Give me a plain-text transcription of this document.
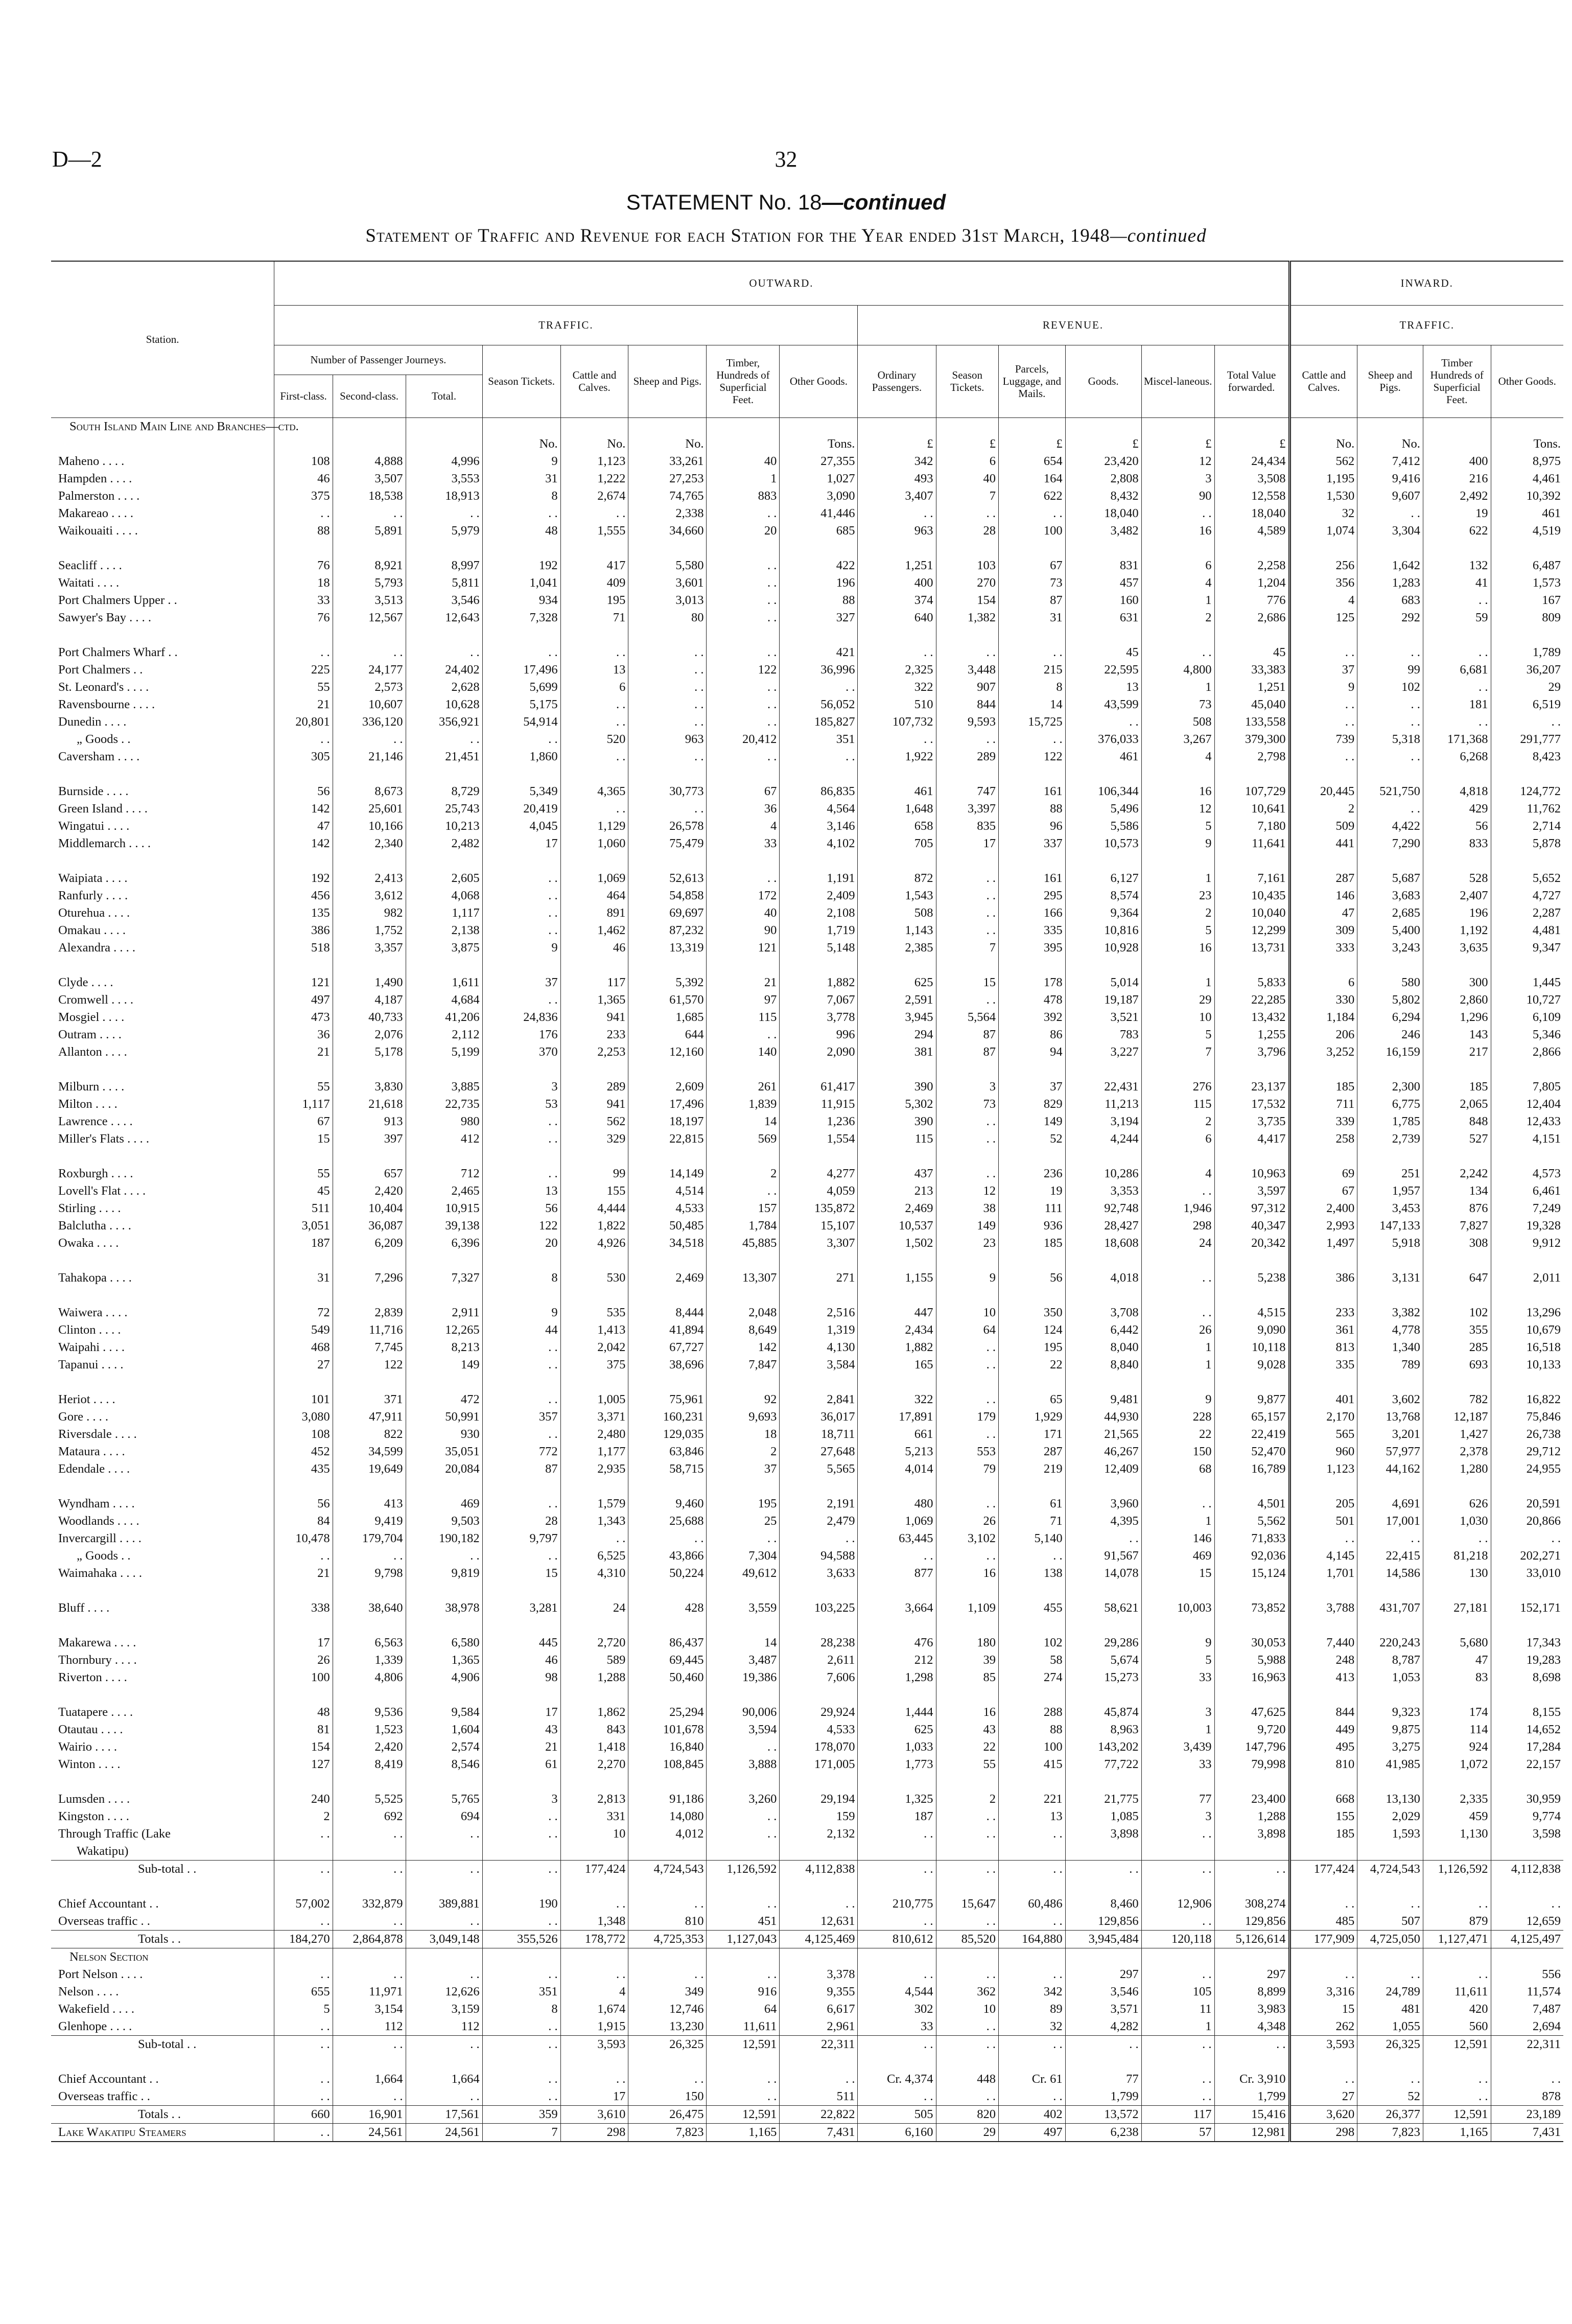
D—2	32
STATEMENT No. 18—continued
Statement of Traffic and Revenue for each Station for the Year ended 31st March, 1948—continued
Station.	OUTWARD.														INWARD.			
	TRAFFIC.								REVENUE.						TRAFFIC.			
	Number of Passenger Journeys.			Season Tickets.	Cattle and Calves.	Sheep and Pigs.	Timber, Hundreds of Superficial Feet.	Other Goods.	Ordinary Passengers.	Season Tickets.	Parcels, Luggage, and Mails.	Goods.	Miscel-laneous.	Total Value forwarded.	Cattle and Calves.	Sheep and Pigs.	Timber Hundreds of Superficial Feet.	Other Goods.
	First-class.	Second-class.	Total.															
South Island Main Line and Branches—ctd.																		
				No.	No.	No.		Tons.	£	£	£	£	£	£	No.	No.		Tons.
Maheno . . . .	108	4,888	4,996	9	1,123	33,261	40	27,355	342	6	654	23,420	12	24,434	562	7,412	400	8,975
Hampden . . . .	46	3,507	3,553	31	1,222	27,253	1	1,027	493	40	164	2,808	3	3,508	1,195	9,416	216	4,461
Palmerston . . . .	375	18,538	18,913	8	2,674	74,765	883	3,090	3,407	7	622	8,432	90	12,558	1,530	9,607	2,492	10,392
Makareao . . . .	. .	. .	. .	. .	. .	2,338	. .	41,446	. .	. .	. .	18,040	. .	18,040	32	. .	19	461
Waikouaiti . . . .	88	5,891	5,979	48	1,555	34,660	20	685	963	28	100	3,482	16	4,589	1,074	3,304	622	4,519

Seacliff . . . .	76	8,921	8,997	192	417	5,580	. .	422	1,251	103	67	831	6	2,258	256	1,642	132	6,487
Waitati . . . .	18	5,793	5,811	1,041	409	3,601	. .	196	400	270	73	457	4	1,204	356	1,283	41	1,573
Port Chalmers Upper . .	33	3,513	3,546	934	195	3,013	. .	88	374	154	87	160	1	776	4	683	. .	167
Sawyer's Bay . . . .	76	12,567	12,643	7,328	71	80	. .	327	640	1,382	31	631	2	2,686	125	292	59	809

Port Chalmers Wharf . .	. .	. .	. .	. .	. .	. .	. .	421	. .	. .	. .	45	. .	45	. .	. .	. .	1,789
Port Chalmers . .	225	24,177	24,402	17,496	13	. .	122	36,996	2,325	3,448	215	22,595	4,800	33,383	37	99	6,681	36,207
St. Leonard's . . . .	55	2,573	2,628	5,699	6	. .	. .	. .	322	907	8	13	1	1,251	9	102	. .	29
Ravensbourne . . . .	21	10,607	10,628	5,175	. .	. .	. .	56,052	510	844	14	43,599	73	45,040	. .	. .	181	6,519
Dunedin . . . .	20,801	336,120	356,921	54,914	. .	. .	. .	185,827	107,732	9,593	15,725	. .	508	133,558	. .	. .	. .	. .
„ Goods . .	. .	. .	. .	. .	520	963	20,412	351	. .	. .	. .	376,033	3,267	379,300	739	5,318	171,368	291,777
Caversham . . . .	305	21,146	21,451	1,860	. .	. .	. .	. .	1,922	289	122	461	4	2,798	. .	. .	6,268	8,423

Burnside . . . .	56	8,673	8,729	5,349	4,365	30,773	67	86,835	461	747	161	106,344	16	107,729	20,445	521,750	4,818	124,772
Green Island . . . .	142	25,601	25,743	20,419	. .	. .	36	4,564	1,648	3,397	88	5,496	12	10,641	2	. .	429	11,762
Wingatui . . . .	47	10,166	10,213	4,045	1,129	26,578	4	3,146	658	835	96	5,586	5	7,180	509	4,422	56	2,714
Middlemarch . . . .	142	2,340	2,482	17	1,060	75,479	33	4,102	705	17	337	10,573	9	11,641	441	7,290	833	5,878

Waipiata . . . .	192	2,413	2,605	. .	1,069	52,613	. .	1,191	872	. .	161	6,127	1	7,161	287	5,687	528	5,652
Ranfurly . . . .	456	3,612	4,068	. .	464	54,858	172	2,409	1,543	. .	295	8,574	23	10,435	146	3,683	2,407	4,727
Oturehua . . . .	135	982	1,117	. .	891	69,697	40	2,108	508	. .	166	9,364	2	10,040	47	2,685	196	2,287
Omakau . . . .	386	1,752	2,138	. .	1,462	87,232	90	1,719	1,143	. .	335	10,816	5	12,299	309	5,400	1,192	4,481
Alexandra . . . .	518	3,357	3,875	9	46	13,319	121	5,148	2,385	7	395	10,928	16	13,731	333	3,243	3,635	9,347

Clyde . . . .	121	1,490	1,611	37	117	5,392	21	1,882	625	15	178	5,014	1	5,833	6	580	300	1,445
Cromwell . . . .	497	4,187	4,684	. .	1,365	61,570	97	7,067	2,591	. .	478	19,187	29	22,285	330	5,802	2,860	10,727
Mosgiel . . . .	473	40,733	41,206	24,836	941	1,685	115	3,778	3,945	5,564	392	3,521	10	13,432	1,184	6,294	1,296	6,109
Outram . . . .	36	2,076	2,112	176	233	644	. .	996	294	87	86	783	5	1,255	206	246	143	5,346
Allanton . . . .	21	5,178	5,199	370	2,253	12,160	140	2,090	381	87	94	3,227	7	3,796	3,252	16,159	217	2,866

Milburn . . . .	55	3,830	3,885	3	289	2,609	261	61,417	390	3	37	22,431	276	23,137	185	2,300	185	7,805
Milton . . . .	1,117	21,618	22,735	53	941	17,496	1,839	11,915	5,302	73	829	11,213	115	17,532	711	6,775	2,065	12,404
Lawrence . . . .	67	913	980	. .	562	18,197	14	1,236	390	. .	149	3,194	2	3,735	339	1,785	848	12,433
Miller's Flats . . . .	15	397	412	. .	329	22,815	569	1,554	115	. .	52	4,244	6	4,417	258	2,739	527	4,151

Roxburgh . . . .	55	657	712	. .	99	14,149	2	4,277	437	. .	236	10,286	4	10,963	69	251	2,242	4,573
Lovell's Flat . . . .	45	2,420	2,465	13	155	4,514	. .	4,059	213	12	19	3,353	. .	3,597	67	1,957	134	6,461
Stirling . . . .	511	10,404	10,915	56	4,444	4,533	157	135,872	2,469	38	111	92,748	1,946	97,312	2,400	3,453	876	7,249
Balclutha . . . .	3,051	36,087	39,138	122	1,822	50,485	1,784	15,107	10,537	149	936	28,427	298	40,347	2,993	147,133	7,827	19,328
Owaka . . . .	187	6,209	6,396	20	4,926	34,518	45,885	3,307	1,502	23	185	18,608	24	20,342	1,497	5,918	308	9,912

Tahakopa . . . .	31	7,296	7,327	8	530	2,469	13,307	271	1,155	9	56	4,018	. .	5,238	386	3,131	647	2,011

Waiwera . . . .	72	2,839	2,911	9	535	8,444	2,048	2,516	447	10	350	3,708	. .	4,515	233	3,382	102	13,296
Clinton . . . .	549	11,716	12,265	44	1,413	41,894	8,649	1,319	2,434	64	124	6,442	26	9,090	361	4,778	355	10,679
Waipahi . . . .	468	7,745	8,213	. .	2,042	67,727	142	4,130	1,882	. .	195	8,040	1	10,118	813	1,340	285	16,518
Tapanui . . . .	27	122	149	. .	375	38,696	7,847	3,584	165	. .	22	8,840	1	9,028	335	789	693	10,133

Heriot . . . .	101	371	472	. .	1,005	75,961	92	2,841	322	. .	65	9,481	9	9,877	401	3,602	782	16,822
Gore . . . .	3,080	47,911	50,991	357	3,371	160,231	9,693	36,017	17,891	179	1,929	44,930	228	65,157	2,170	13,768	12,187	75,846
Riversdale . . . .	108	822	930	. .	2,480	129,035	18	18,711	661	. .	171	21,565	22	22,419	565	3,201	1,427	26,738
Mataura . . . .	452	34,599	35,051	772	1,177	63,846	2	27,648	5,213	553	287	46,267	150	52,470	960	57,977	2,378	29,712
Edendale . . . .	435	19,649	20,084	87	2,935	58,715	37	5,565	4,014	79	219	12,409	68	16,789	1,123	44,162	1,280	24,955

Wyndham . . . .	56	413	469	. .	1,579	9,460	195	2,191	480	. .	61	3,960	. .	4,501	205	4,691	626	20,591
Woodlands . . . .	84	9,419	9,503	28	1,343	25,688	25	2,479	1,069	26	71	4,395	1	5,562	501	17,001	1,030	20,866
Invercargill . . . .	10,478	179,704	190,182	9,797	. .	. .	. .	. .	63,445	3,102	5,140	. .	146	71,833	. .	. .	. .	. .
„ Goods . .	. .	. .	. .	. .	6,525	43,866	7,304	94,588	. .	. .	. .	91,567	469	92,036	4,145	22,415	81,218	202,271
Waimahaka . . . .	21	9,798	9,819	15	4,310	50,224	49,612	3,633	877	16	138	14,078	15	15,124	1,701	14,586	130	33,010

Bluff . . . .	338	38,640	38,978	3,281	24	428	3,559	103,225	3,664	1,109	455	58,621	10,003	73,852	3,788	431,707	27,181	152,171

Makarewa . . . .	17	6,563	6,580	445	2,720	86,437	14	28,238	476	180	102	29,286	9	30,053	7,440	220,243	5,680	17,343
Thornbury . . . .	26	1,339	1,365	46	589	69,445	3,487	2,611	212	39	58	5,674	5	5,988	248	8,787	47	19,283
Riverton . . . .	100	4,806	4,906	98	1,288	50,460	19,386	7,606	1,298	85	274	15,273	33	16,963	413	1,053	83	8,698

Tuatapere . . . .	48	9,536	9,584	17	1,862	25,294	90,006	29,924	1,444	16	288	45,874	3	47,625	844	9,323	174	8,155
Otautau . . . .	81	1,523	1,604	43	843	101,678	3,594	4,533	625	43	88	8,963	1	9,720	449	9,875	114	14,652
Wairio . . . .	154	2,420	2,574	21	1,418	16,840	. .	178,070	1,033	22	100	143,202	3,439	147,796	495	3,275	924	17,284
Winton . . . .	127	8,419	8,546	61	2,270	108,845	3,888	171,005	1,773	55	415	77,722	33	79,998	810	41,985	1,072	22,157

Lumsden . . . .	240	5,525	5,765	3	2,813	91,186	3,260	29,194	1,325	2	221	21,775	77	23,400	668	13,130	2,335	30,959
Kingston . . . .	2	692	694	. .	331	14,080	. .	159	187	. .	13	1,085	3	1,288	155	2,029	459	9,774
Through Traffic (Lake	. .	. .	. .	. .	10	4,012	. .	2,132	. .	. .	. .	3,898	. .	3,898	185	1,593	1,130	3,598
Wakatipu)																		
Sub-total . .	. .	. .	. .	. .	177,424	4,724,543	1,126,592	4,112,838	. .	. .	. .	. .	. .	. .	177,424	4,724,543	1,126,592	4,112,838

Chief Accountant . .	57,002	332,879	389,881	190	. .	. .	. .	. .	210,775	15,647	60,486	8,460	12,906	308,274	. .	. .	. .	. .
Overseas traffic . .	. .	. .	. .	. .	1,348	810	451	12,631	. .	. .	. .	129,856	. .	129,856	485	507	879	12,659
Totals . .	184,270	2,864,878	3,049,148	355,526	178,772	4,725,353	1,127,043	4,125,469	810,612	85,520	164,880	3,945,484	120,118	5,126,614	177,909	4,725,050	1,127,471	4,125,497
Nelson Section																		
Port Nelson . . . .	. .	. .	. .	. .	. .	. .	. .	3,378	. .	. .	. .	297	. .	297	. .	. .	. .	556
Nelson . . . .	655	11,971	12,626	351	4	349	916	9,355	4,544	362	342	3,546	105	8,899	3,316	24,789	11,611	11,574
Wakefield . . . .	5	3,154	3,159	8	1,674	12,746	64	6,617	302	10	89	3,571	11	3,983	15	481	420	7,487
Glenhope . . . .	. .	112	112	. .	1,915	13,230	11,611	2,961	33	. .	32	4,282	1	4,348	262	1,055	560	2,694
Sub-total . .	. .	. .	. .	. .	3,593	26,325	12,591	22,311	. .	. .	. .	. .	. .	. .	3,593	26,325	12,591	22,311

Chief Accountant . .	. .	1,664	1,664	. .	. .	. .	. .	. .	Cr. 4,374	448	Cr. 61	77	. .	Cr. 3,910	. .	. .	. .	. .
Overseas traffic . .	. .	. .	. .	. .	17	150	. .	511	. .	. .	. .	1,799	. .	1,799	27	52	. .	878
Totals . .	660	16,901	17,561	359	3,610	26,475	12,591	22,822	505	820	402	13,572	117	15,416	3,620	26,377	12,591	23,189
Lake Wakatipu Steamers	. .	24,561	24,561	7	298	7,823	1,165	7,431	6,160	29	497	6,238	57	12,981	298	7,823	1,165	7,431
